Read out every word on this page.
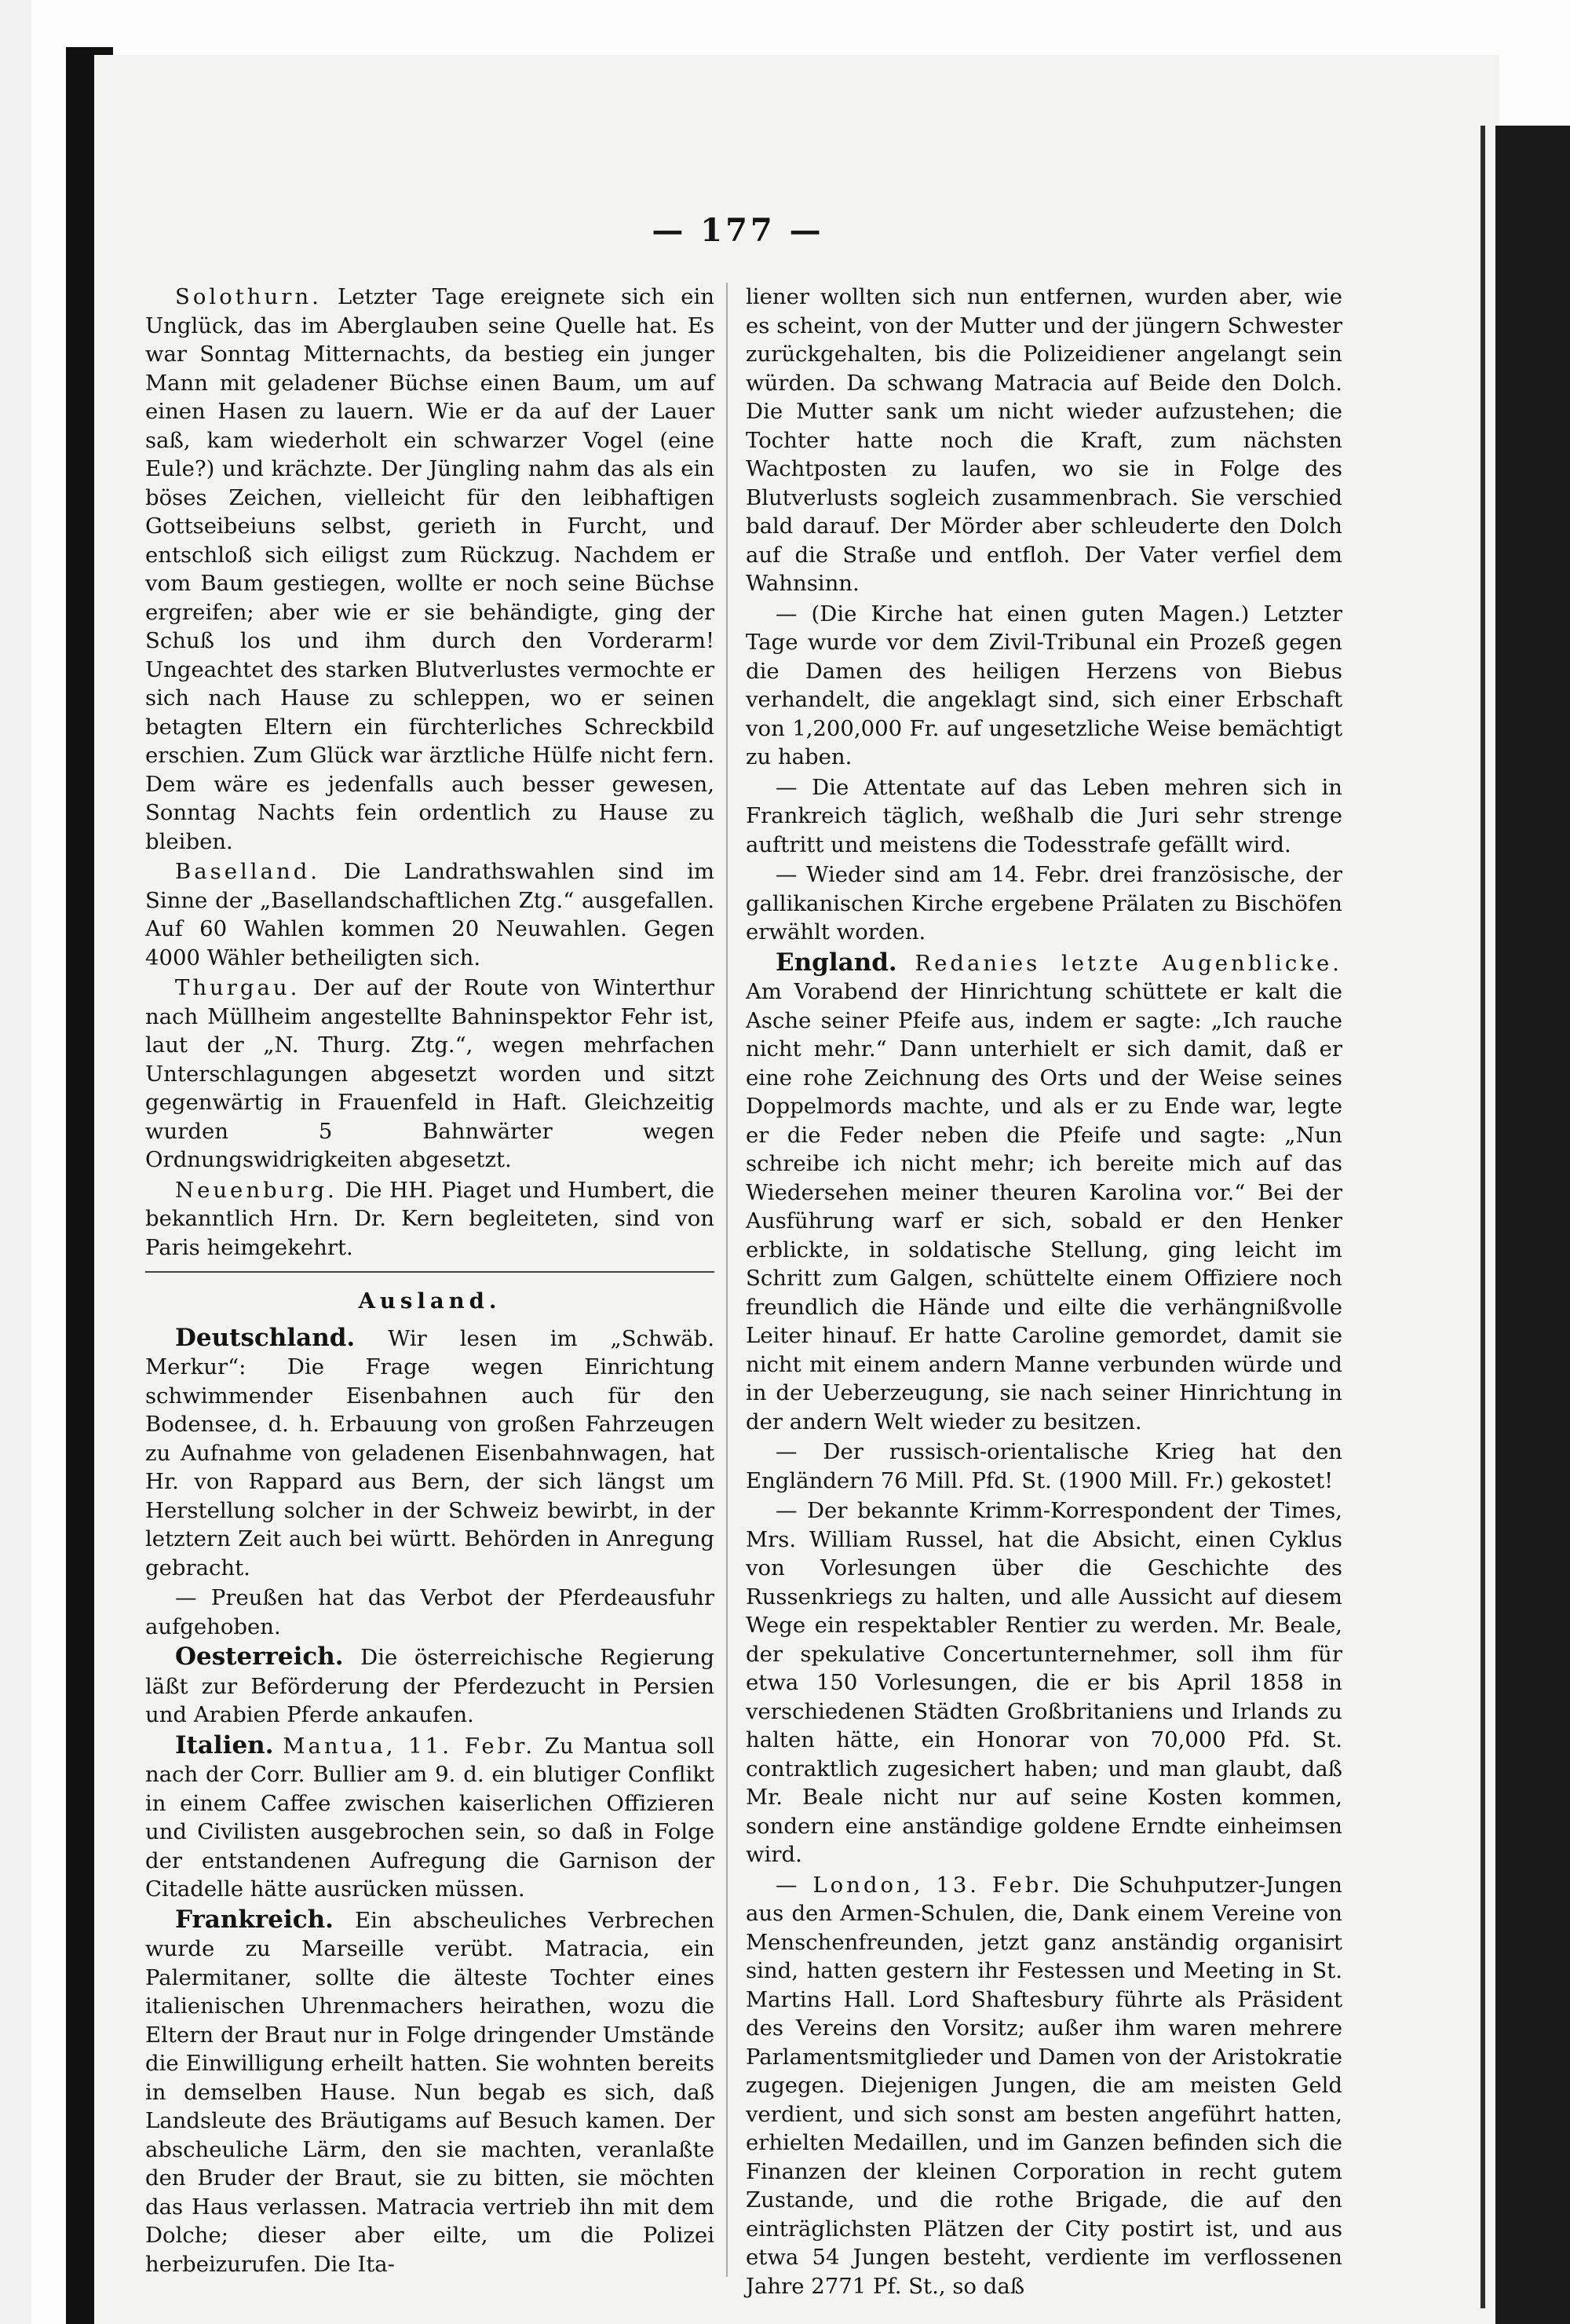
— 177 —

Solothurn. Letzter Tage ereignete sich ein Unglück, das im Aberglauben seine Quelle hat. Es war Sonntag Mitternachts, da bestieg ein junger Mann mit geladener Büchse einen Baum, um auf einen Hasen zu lauern. Wie er da auf der Lauer saß, kam wiederholt ein schwarzer Vogel (eine Eule?) und krächzte. Der Jüngling nahm das als ein böses Zeichen, vielleicht für den leibhaftigen Gottseibeiuns selbst, gerieth in Furcht, und entschloß sich eiligst zum Rückzug. Nachdem er vom Baum gestiegen, wollte er noch seine Büchse ergreifen; aber wie er sie behändigte, ging der Schuß los und ihm durch den Vorderarm! Ungeachtet des starken Blutverlustes vermochte er sich nach Hause zu schleppen, wo er seinen betagten Eltern ein fürchterliches Schreckbild erschien. Zum Glück war ärztliche Hülfe nicht fern. Dem wäre es jedenfalls auch besser gewesen, Sonntag Nachts fein ordentlich zu Hause zu bleiben.

Baselland. Die Landrathswahlen sind im Sinne der „Basellandschaftlichen Ztg.“ ausgefallen. Auf 60 Wahlen kommen 20 Neuwahlen. Gegen 4000 Wähler betheiligten sich.

Thurgau. Der auf der Route von Winterthur nach Müllheim angestellte Bahninspektor Fehr ist, laut der „N. Thurg. Ztg.“, wegen mehrfachen Unterschlagungen abgesetzt worden und sitzt gegenwärtig in Frauenfeld in Haft. Gleichzeitig wurden 5 Bahnwärter wegen Ordnungswidrigkeiten abgesetzt.

Neuenburg. Die HH. Piaget und Humbert, die bekanntlich Hrn. Dr. Kern begleiteten, sind von Paris heimgekehrt.

Ausland.

Deutschland. Wir lesen im „Schwäb. Merkur“: Die Frage wegen Einrichtung schwimmender Eisenbahnen auch für den Bodensee, d. h. Erbauung von großen Fahrzeugen zu Aufnahme von geladenen Eisenbahnwagen, hat Hr. von Rappard aus Bern, der sich längst um Herstellung solcher in der Schweiz bewirbt, in der letztern Zeit auch bei württ. Behörden in Anregung gebracht.

— Preußen hat das Verbot der Pferdeausfuhr aufgehoben.

Oesterreich. Die österreichische Regierung läßt zur Beförderung der Pferdezucht in Persien und Arabien Pferde ankaufen.

Italien. Mantua, 11. Febr. Zu Mantua soll nach der Corr. Bullier am 9. d. ein blutiger Conflikt in einem Caffee zwischen kaiserlichen Offizieren und Civilisten ausgebrochen sein, so daß in Folge der entstandenen Aufregung die Garnison der Citadelle hätte ausrücken müssen.

Frankreich. Ein abscheuliches Verbrechen wurde zu Marseille verübt. Matracia, ein Palermitaner, sollte die älteste Tochter eines italienischen Uhrenmachers heirathen, wozu die Eltern der Braut nur in Folge dringender Umstände die Einwilligung erheilt hatten. Sie wohnten bereits in demselben Hause. Nun begab es sich, daß Landsleute des Bräutigams auf Besuch kamen. Der abscheuliche Lärm, den sie machten, veranlaßte den Bruder der Braut, sie zu bitten, sie möchten das Haus verlassen. Matracia vertrieb ihn mit dem Dolche; dieser aber eilte, um die Polizei herbeizurufen. Die Ita-

liener wollten sich nun entfernen, wurden aber, wie es scheint, von der Mutter und der jüngern Schwester zurückgehalten, bis die Polizeidiener angelangt sein würden. Da schwang Matracia auf Beide den Dolch. Die Mutter sank um nicht wieder aufzustehen; die Tochter hatte noch die Kraft, zum nächsten Wachtposten zu laufen, wo sie in Folge des Blutverlusts sogleich zusammenbrach. Sie verschied bald darauf. Der Mörder aber schleuderte den Dolch auf die Straße und entfloh. Der Vater verfiel dem Wahnsinn.

— (Die Kirche hat einen guten Magen.) Letzter Tage wurde vor dem Zivil-Tribunal ein Prozeß gegen die Damen des heiligen Herzens von Biebus verhandelt, die angeklagt sind, sich einer Erbschaft von 1,200,000 Fr. auf ungesetzliche Weise bemächtigt zu haben.

— Die Attentate auf das Leben mehren sich in Frankreich täglich, weßhalb die Juri sehr strenge auftritt und meistens die Todesstrafe gefällt wird.

— Wieder sind am 14. Febr. drei französische, der gallikanischen Kirche ergebene Prälaten zu Bischöfen erwählt worden.

England. Redanies letzte Augenblicke. Am Vorabend der Hinrichtung schüttete er kalt die Asche seiner Pfeife aus, indem er sagte: „Ich rauche nicht mehr.“ Dann unterhielt er sich damit, daß er eine rohe Zeichnung des Orts und der Weise seines Doppelmords machte, und als er zu Ende war, legte er die Feder neben die Pfeife und sagte: „Nun schreibe ich nicht mehr; ich bereite mich auf das Wiedersehen meiner theuren Karolina vor.“ Bei der Ausführung warf er sich, sobald er den Henker erblickte, in soldatische Stellung, ging leicht im Schritt zum Galgen, schüttelte einem Offiziere noch freundlich die Hände und eilte die verhängnißvolle Leiter hinauf. Er hatte Caroline gemordet, damit sie nicht mit einem andern Manne verbunden würde und in der Ueberzeugung, sie nach seiner Hinrichtung in der andern Welt wieder zu besitzen.

— Der russisch-orientalische Krieg hat den Engländern 76 Mill. Pfd. St. (1900 Mill. Fr.) gekostet!

— Der bekannte Krimm-Korrespondent der Times, Mrs. William Russel, hat die Absicht, einen Cyklus von Vorlesungen über die Geschichte des Russenkriegs zu halten, und alle Aussicht auf diesem Wege ein respektabler Rentier zu werden. Mr. Beale, der spekulative Concertunternehmer, soll ihm für etwa 150 Vorlesungen, die er bis April 1858 in verschiedenen Städten Großbritaniens und Irlands zu halten hätte, ein Honorar von 70,000 Pfd. St. contraktlich zugesichert haben; und man glaubt, daß Mr. Beale nicht nur auf seine Kosten kommen, sondern eine anständige goldene Erndte einheimsen wird.

— London, 13. Febr. Die Schuhputzer-Jungen aus den Armen-Schulen, die, Dank einem Vereine von Menschenfreunden, jetzt ganz anständig organisirt sind, hatten gestern ihr Festessen und Meeting in St. Martins Hall. Lord Shaftesbury führte als Präsident des Vereins den Vorsitz; außer ihm waren mehrere Parlamentsmitglieder und Damen von der Aristokratie zugegen. Diejenigen Jungen, die am meisten Geld verdient, und sich sonst am besten angeführt hatten, erhielten Medaillen, und im Ganzen befinden sich die Finanzen der kleinen Corporation in recht gutem Zustande, und die rothe Brigade, die auf den einträglichsten Plätzen der City postirt ist, und aus etwa 54 Jungen besteht, verdiente im verflossenen Jahre 2771 Pf. St., so daß
